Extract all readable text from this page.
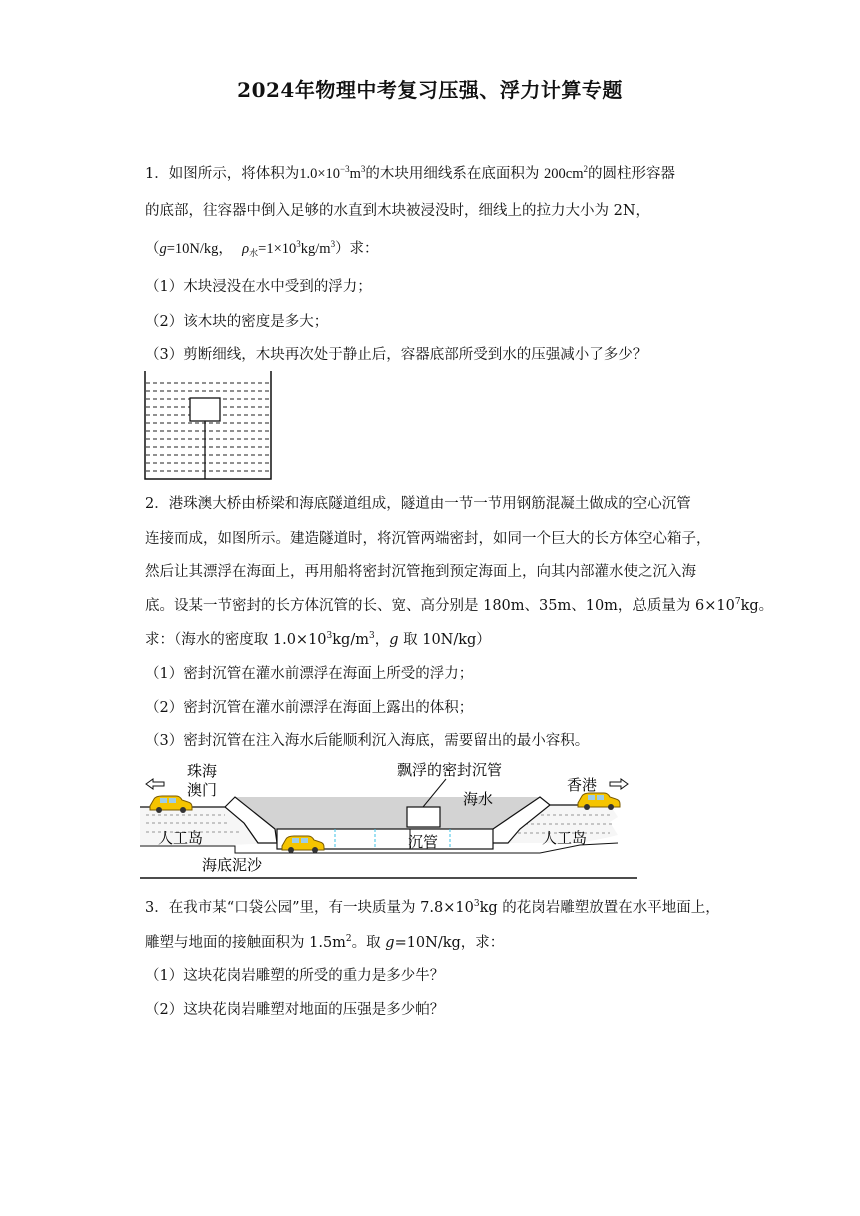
2024年物理中考复习压强、浮力计算专题
1．如图所示，将体积为$1.0\times 10^{-3}m^3$的木块用细线系在底面积为 $200cm^2$的圆柱形容器
的底部，往容器中倒入足够的水直到木块被浸没时，细线上的拉力大小为 2N，
（g=10N/kg， $\rho_水=1\times 10^3kg/m^3$）求：
（1）木块浸没在水中受到的浮力；
（2）该木块的密度是多大；
（3）剪断细线，木块再次处于静止后，容器底部所受到水的压强减小了多少？
2．港珠澳大桥由桥梁和海底隧道组成，隧道由一节一节用钢筋混凝土做成的空心沉管
连接而成，如图所示。建造隧道时，将沉管两端密封，如同一个巨大的长方体空心箱子，
然后让其漂浮在海面上，再用船将密封沉管拖到预定海面上，向其内部灌水使之沉入海
底。设某一节密封的长方体沉管的长、宽、高分别是 180m、35m、10m，总质量为 $6\times 10^7kg$。
求：（海水的密度取 $1.0\times 10^3kg/m^3$，g 取 10N/kg）
（1）密封沉管在灌水前漂浮在海面上所受的浮力；
（2）密封沉管在灌水前漂浮在海面上露出的体积；
（3）密封沉管在注入海水后能顺利沉入海底，需要留出的最小容积。
珠海
澳门
飘浮的密封沉管
香港
海水
人工岛	人工岛
沉管
海底泥沙
3．在我市某“口袋公园”里，有一块质量为 $7.8\times 10^3kg$ 的花岗岩雕塑放置在水平地面上，
雕塑与地面的接触面积为 $1.5m^2$。取 g=10N/kg，求：
（1）这块花岗岩雕塑的所受的重力是多少牛？
（2）这块花岗岩雕塑对地面的压强是多少帕？
